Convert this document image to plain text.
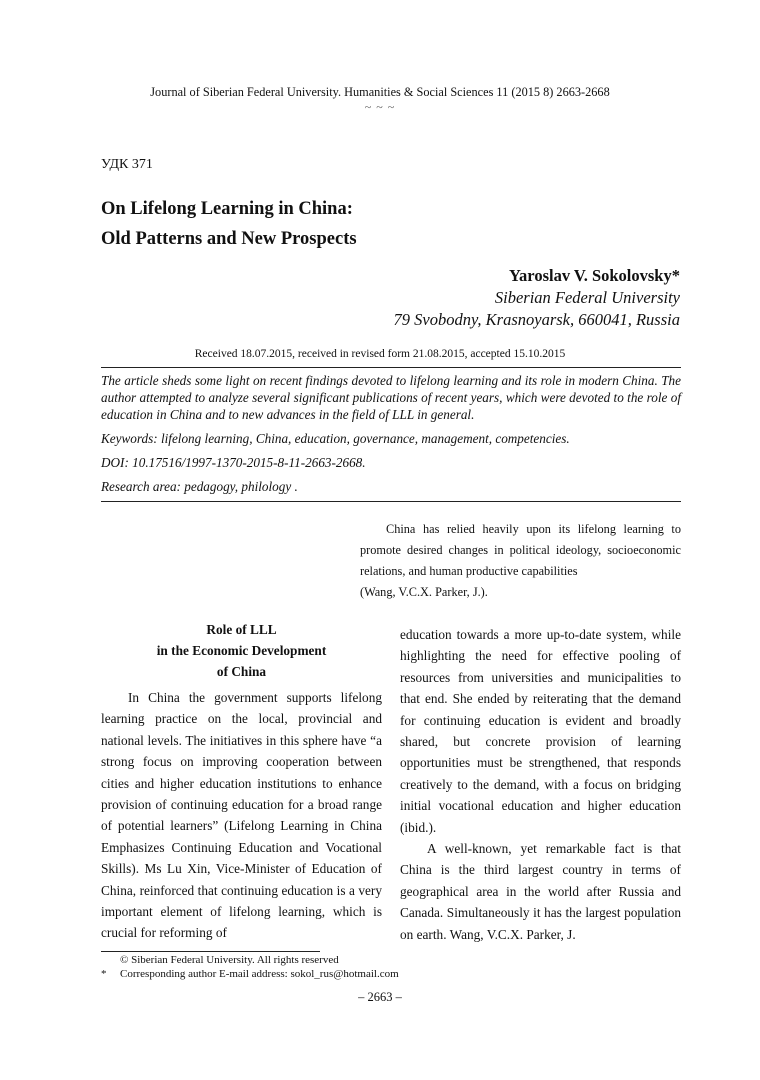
Journal of Siberian Federal University. Humanities & Social Sciences 11 (2015 8) 2663-2668
~ ~ ~
УДК 371
On Lifelong Learning in China:
Old Patterns and New Prospects
Yaroslav V. Sokolovsky*
Siberian Federal University
79 Svobodny, Krasnoyarsk, 660041, Russia
Received 18.07.2015, received in revised form 21.08.2015, accepted 15.10.2015

The article sheds some light on recent findings devoted to lifelong learning and its role in modern China. The author attempted to analyze several significant publications of recent years, which were devoted to the role of education in China and to new advances in the field of LLL in general.

Keywords: lifelong learning, China, education, governance, management, competencies.

DOI: 10.17516/1997-1370-2015-8-11-2663-2668.

Research area: pedagogy, philology .

China has relied heavily upon its lifelong learning to promote desired changes in political ideology, socioeconomic relations, and human productive capabilities
(Wang, V.C.X. Parker, J.).
Role of LLL
in the Economic Development
of China

In China the government supports lifelong learning practice on the local, provincial and national levels. The initiatives in this sphere have “a strong focus on improving cooperation between cities and higher education institutions to enhance provision of continuing education for a broad range of potential learners” (Lifelong Learning in China Emphasizes Continuing Education and Vocational Skills). Ms Lu Xin, Vice-Minister of Education of China, reinforced that continuing education is a very important element of lifelong learning, which is crucial for reforming of

education towards a more up-to-date system, while highlighting the need for effective pooling of resources from universities and municipalities to that end. She ended by reiterating that the demand for continuing education is evident and broadly shared, but concrete provision of learning opportunities must be strengthened, that responds creatively to the demand, with a focus on bridging initial vocational education and higher education (ibid.).

A well-known, yet remarkable fact is that China is the third largest country in terms of geographical area in the world after Russia and Canada. Simultaneously it has the largest population on earth. Wang, V.C.X. Parker, J.

© Siberian Federal University. All rights reserved
*	Corresponding author E-mail address: sokol_rus@hotmail.com
– 2663 –
